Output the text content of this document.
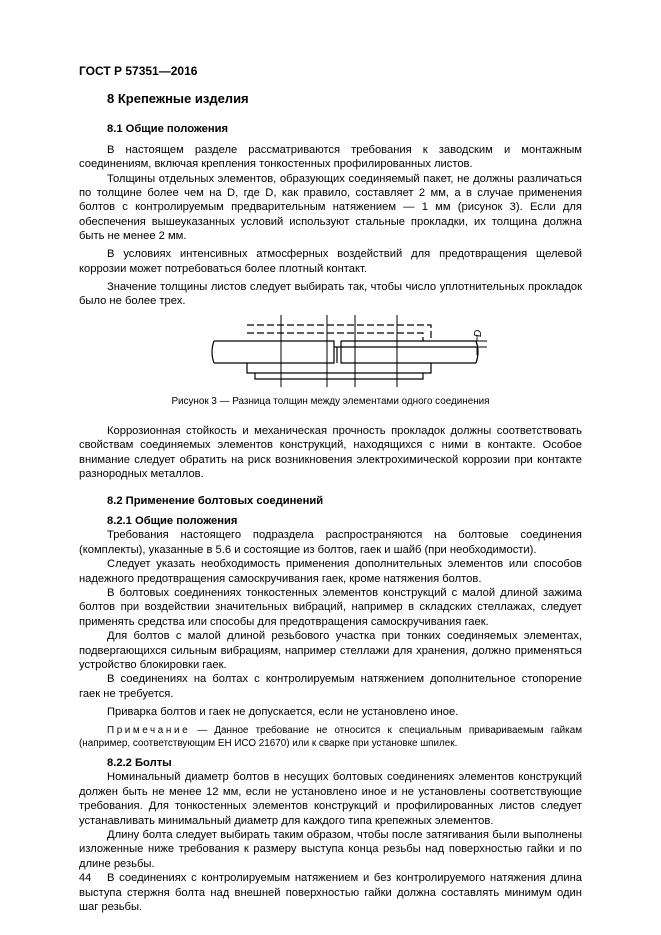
ГОСТ Р 57351—2016
8 Крепежные изделия
8.1 Общие положения

В настоящем разделе рассматриваются требования к заводским и монтажным соединениям, включая крепления тонкостенных профилированных листов.

Толщины отдельных элементов, образующих соединяемый пакет, не должны различаться по толщине более чем на D, где D, как правило, составляет 2 мм, а в случае применения болтов с контролируемым предварительным натяжением — 1 мм (рисунок 3). Если для обеспечения вышеуказанных условий используют стальные прокладки, их толщина должна быть не менее 2 мм.

В условиях интенсивных атмосферных воздействий для предотвращения щелевой коррозии может потребоваться более плотный контакт.

Значение толщины листов следует выбирать так, чтобы число уплотнительных прокладок было не более трех.

D
Рисунок 3 — Разница толщин между элементами одного соединения

Коррозионная стойкость и механическая прочность прокладок должны соответствовать свойствам соединяемых элементов конструкций, находящихся с ними в контакте. Особое внимание следует обратить на риск возникновения электрохимической коррозии при контакте разнородных металлов.

8.2 Применение болтовых соединений
8.2.1 Общие положения

Требования настоящего подраздела распространяются на болтовые соединения (комплекты), указанные в 5.6 и состоящие из болтов, гаек и шайб (при необходимости).

Следует указать необходимость применения дополнительных элементов или способов надежного предотвращения самоскручивания гаек, кроме натяжения болтов.

В болтовых соединениях тонкостенных элементов конструкций с малой длиной зажима болтов при воздействии значительных вибраций, например в складских стеллажах, следует применять средства или способы для предотвращения самоскручивания гаек.

Для болтов с малой длиной резьбового участка при тонких соединяемых элементах, подвергающихся сильным вибрациям, например стеллажи для хранения, должно применяться устройство блокировки гаек.

В соединениях на болтах с контролируемым натяжением дополнительное стопорение гаек не требуется.

Приварка болтов и гаек не допускается, если не установлено иное.

Примечание — Данное требование не относится к специальным привариваемым гайкам (например, соответствующим ЕН ИСО 21670) или к сварке при установке шпилек.
8.2.2 Болты

Номинальный диаметр болтов в несущих болтовых соединениях элементов конструкций должен быть не менее 12 мм, если не установлено иное и не установлены соответствующие требования. Для тонкостенных элементов конструкций и профилированных листов следует устанавливать минимальный диаметр для каждого типа крепежных элементов.

Длину болта следует выбирать таким образом, чтобы после затягивания были выполнены изложенные ниже требования к размеру выступа конца резьбы над поверхностью гайки и по длине резьбы.

В соединениях с контролируемым натяжением и без контролируемого натяжения длина выступа стержня болта над внешней поверхностью гайки должна составлять минимум один шаг резьбы.

44
